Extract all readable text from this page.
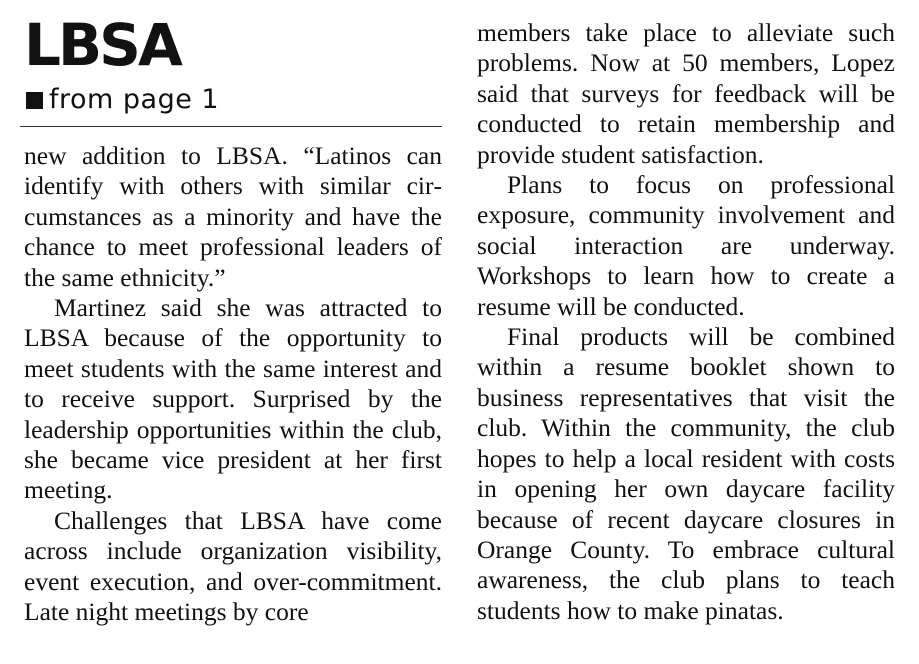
LBSA
from page 1

new addition to LBSA. “Latinos can identify with others with similar circumstances as a minority and have the chance to meet professional leaders of the same ethnicity.”

Martinez said she was attracted to LBSA because of the opportunity to meet students with the same interest and to receive support. Surprised by the leadership opportunities within the club, she became vice president at her first meeting.

Challenges that LBSA have come across include organization visibility, event execution, and over-commitment. Late night meetings by core

members take place to alleviate such problems. Now at 50 members, Lopez said that surveys for feedback will be conducted to retain membership and provide student satisfaction.

Plans to focus on professional exposure, community involvement and social interaction are underway. Workshops to learn how to create a resume will be conducted.

Final products will be combined within a resume booklet shown to business representatives that visit the club. Within the community, the club hopes to help a local resident with costs in opening her own daycare facility because of recent daycare closures in Orange County. To embrace cultural awareness, the club plans to teach students how to make pinatas.
